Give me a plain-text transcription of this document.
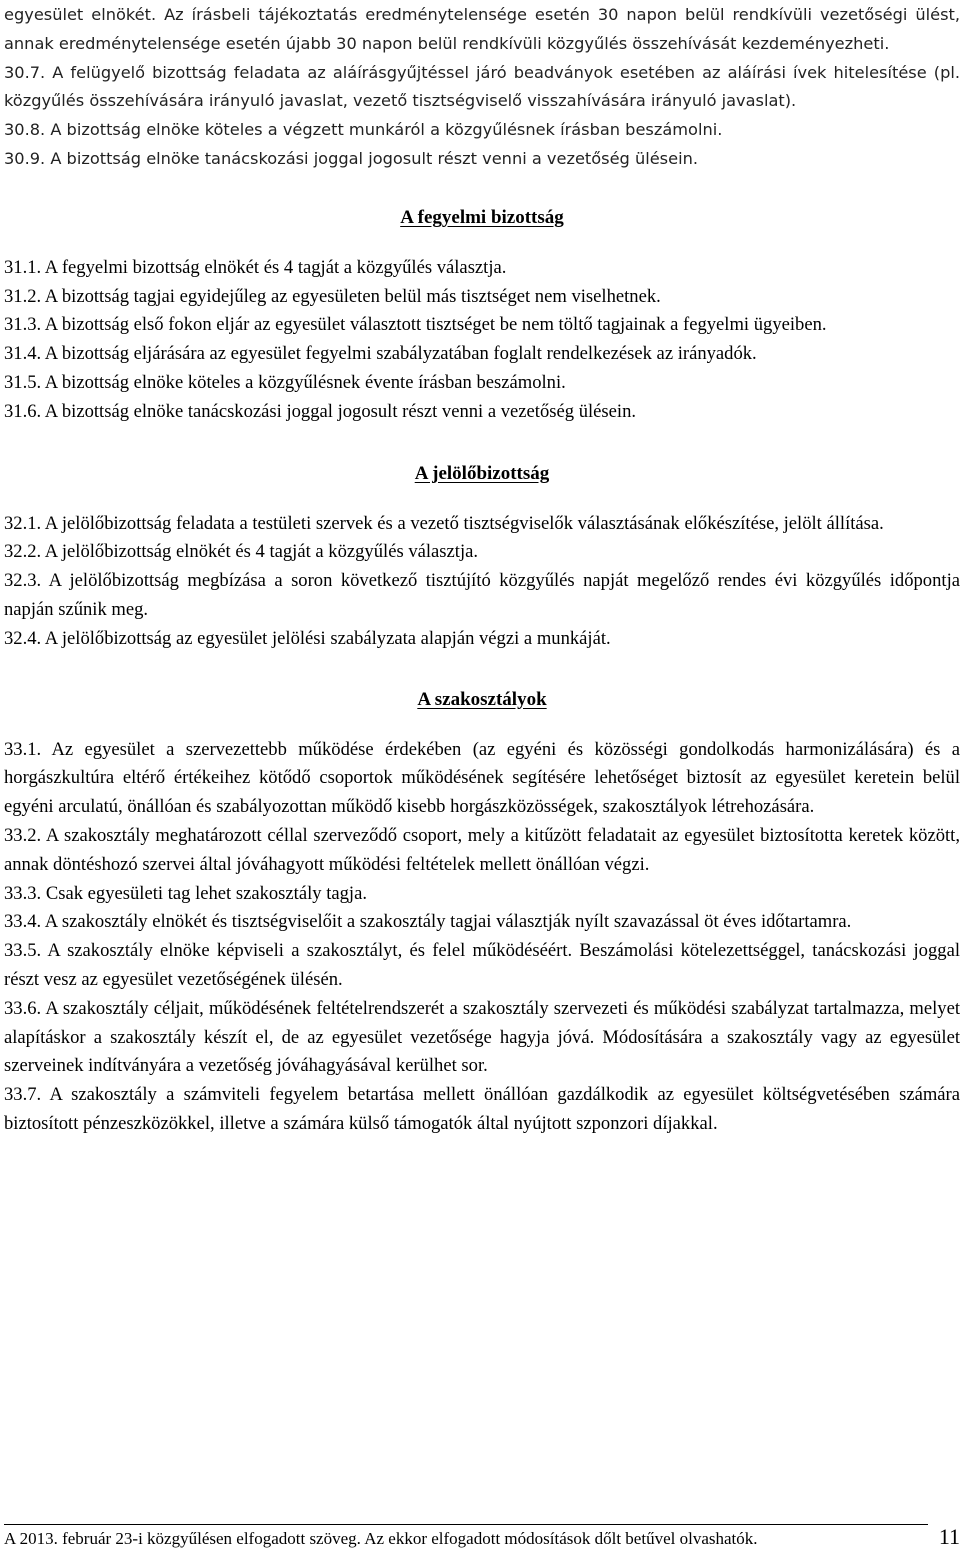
egyesület elnökét. Az írásbeli tájékoztatás eredménytelensége esetén 30 napon belül rendkívüli vezetőségi ülést, annak eredménytelensége esetén újabb 30 napon belül rendkívüli közgyűlés összehívását kezdeményezheti.

30.7. A felügyelő bizottság feladata az aláírásgyűjtéssel járó beadványok esetében az aláírási ívek hitelesítése (pl. közgyűlés összehívására irányuló javaslat, vezető tisztségviselő visszahívására irányuló javaslat).

30.8. A bizottság elnöke köteles a végzett munkáról a közgyűlésnek írásban beszámolni.

30.9. A bizottság elnöke tanácskozási joggal jogosult részt venni a vezetőség ülésein.

A fegyelmi bizottság

31.1. A fegyelmi bizottság elnökét és 4 tagját a közgyűlés választja.

31.2. A bizottság tagjai egyidejűleg az egyesületen belül más tisztséget nem viselhetnek.

31.3. A bizottság első fokon eljár az egyesület választott tisztséget be nem töltő tagjainak a fegyelmi ügyeiben.

31.4. A bizottság eljárására az egyesület fegyelmi szabályzatában foglalt rendelkezések az irányadók.

31.5. A bizottság elnöke köteles a közgyűlésnek évente írásban beszámolni.

31.6. A bizottság elnöke tanácskozási joggal jogosult részt venni a vezetőség ülésein.

A jelölőbizottság

32.1. A jelölőbizottság feladata a testületi szervek és a vezető tisztségviselők választásának előkészítése, jelölt állítása.

32.2. A jelölőbizottság elnökét és 4 tagját a közgyűlés választja.

32.3. A jelölőbizottság megbízása a soron következő tisztújító közgyűlés napját megelőző rendes évi közgyűlés időpontja napján szűnik meg.

32.4. A jelölőbizottság az egyesület jelölési szabályzata alapján végzi a munkáját.

A szakosztályok

33.1. Az egyesület a szervezettebb működése érdekében (az egyéni és közösségi gondolkodás harmonizálására) és a horgászkultúra eltérő értékeihez kötődő csoportok működésének segítésére lehetőséget biztosít az egyesület keretein belül egyéni arculatú, önállóan és szabályozottan működő kisebb horgászközösségek, szakosztályok létrehozására.

33.2. A szakosztály meghatározott céllal szerveződő csoport, mely a kitűzött feladatait az egyesület biztosította keretek között, annak döntéshozó szervei által jóváhagyott működési feltételek mellett önállóan végzi.

33.3. Csak egyesületi tag lehet szakosztály tagja.

33.4. A szakosztály elnökét és tisztségviselőit a szakosztály tagjai választják nyílt szavazással öt éves időtartamra.

33.5. A szakosztály elnöke képviseli a szakosztályt, és felel működéséért. Beszámolási kötelezettséggel, tanácskozási joggal részt vesz az egyesület vezetőségének ülésén.

33.6. A szakosztály céljait, működésének feltételrendszerét a szakosztály szervezeti és működési szabályzat tartalmazza, melyet alapításkor a szakosztály készít el, de az egyesület vezetősége hagyja jóvá. Módosítására a szakosztály vagy az egyesület szerveinek indítványára a vezetőség jóváhagyásával kerülhet sor.

33.7. A szakosztály a számviteli fegyelem betartása mellett önállóan gazdálkodik az egyesület költségvetésében számára biztosított pénzeszközökkel, illetve a számára külső támogatók által nyújtott szponzori díjakkal.

A 2013. február 23-i közgyűlésen elfogadott szöveg. Az ekkor elfogadott módosítások dőlt betűvel olvashatók.	11
